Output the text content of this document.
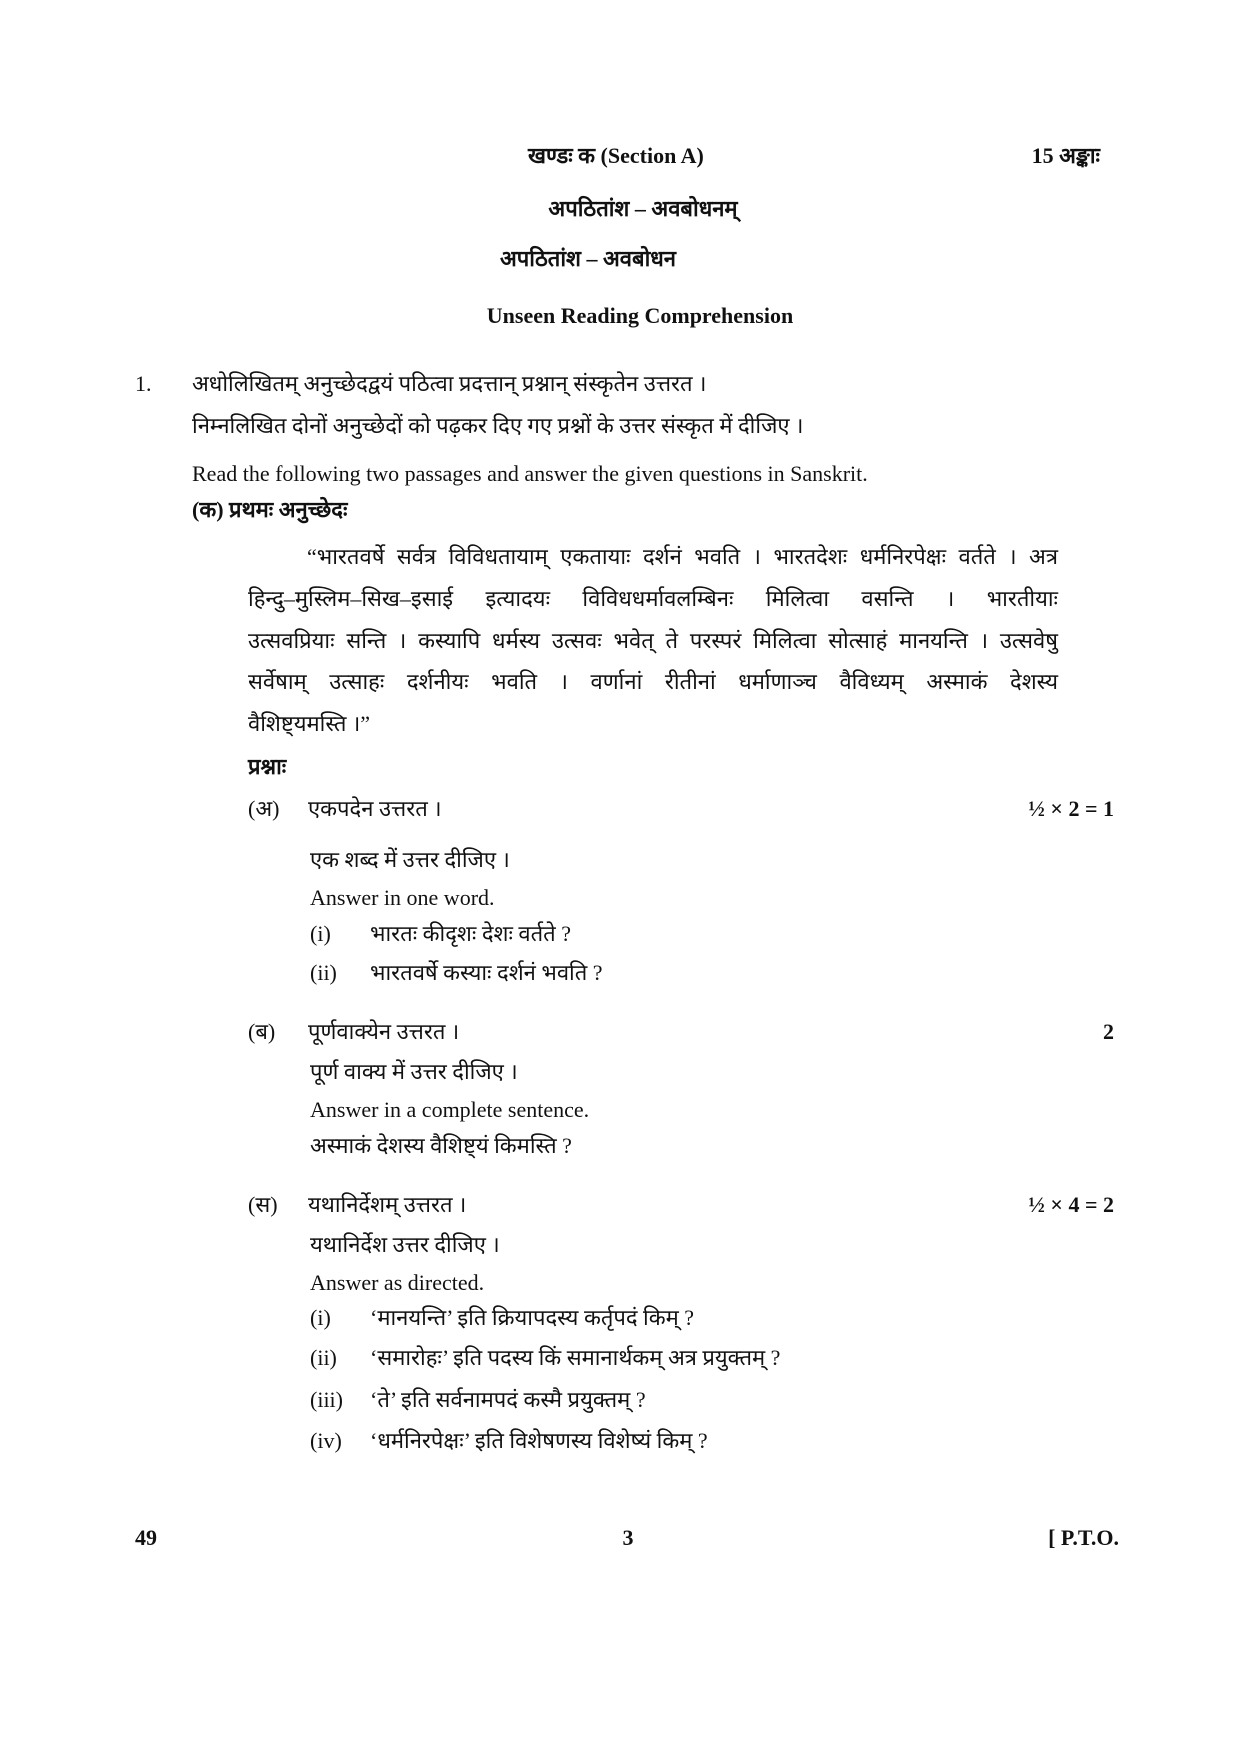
खण्डः क (Section A)	15 अङ्काः
अपठितांश – अवबोधनम्
अपठितांश – अवबोधन
Unseen Reading Comprehension
1. अधोलिखितम् अनुच्छेदद्वयं पठित्वा प्रदत्तान् प्रश्नान् संस्कृतेन उत्तरत ।
निम्नलिखित दोनों अनुच्छेदों को पढ़कर दिए गए प्रश्नों के उत्तर संस्कृत में दीजिए ।
Read the following two passages and answer the given questions in Sanskrit.
(क) प्रथमः अनुच्छेदः
“भारतवर्षे सर्वत्र विविधतायाम् एकतायाः दर्शनं भवति । भारतदेशः धर्मनिरपेक्षः वर्तते । अत्र
हिन्दु–मुस्लिम–सिख–इसाई इत्यादयः विविधधर्मावलम्बिनः मिलित्वा वसन्ति । भारतीयाः
उत्सवप्रियाः सन्ति । कस्यापि धर्मस्य उत्सवः भवेत् ते परस्परं मिलित्वा सोत्साहं मानयन्ति । उत्सवेषु
सर्वेषाम् उत्साहः दर्शनीयः भवति । वर्णानां रीतीनां धर्माणाञ्च वैविध्यम् अस्माकं देशस्य
वैशिष्ट्यमस्ति ।”
प्रश्नाः
(अ) एकपदेन उत्तरत ।	½ × 2 = 1
एक शब्द में उत्तर दीजिए ।
Answer in one word.
(i) भारतः कीदृशः देशः वर्तते ?
(ii) भारतवर्षे कस्याः दर्शनं भवति ?
(ब) पूर्णवाक्येन उत्तरत ।	2
पूर्ण वाक्य में उत्तर दीजिए ।
Answer in a complete sentence.
अस्माकं देशस्य वैशिष्ट्यं किमस्ति ?
(स) यथानिर्देशम् उत्तरत ।	½ × 4 = 2
यथानिर्देश उत्तर दीजिए ।
Answer as directed.
(i) ‘मानयन्ति’ इति क्रियापदस्य कर्तृपदं किम् ?
(ii) ‘समारोहः’ इति पदस्य किं समानार्थकम् अत्र प्रयुक्तम् ?
(iii) ‘ते’ इति सर्वनामपदं कस्मै प्रयुक्तम् ?
(iv) ‘धर्मनिरपेक्षः’ इति विशेषणस्य विशेष्यं किम् ?
49	3	[ P.T.O.
